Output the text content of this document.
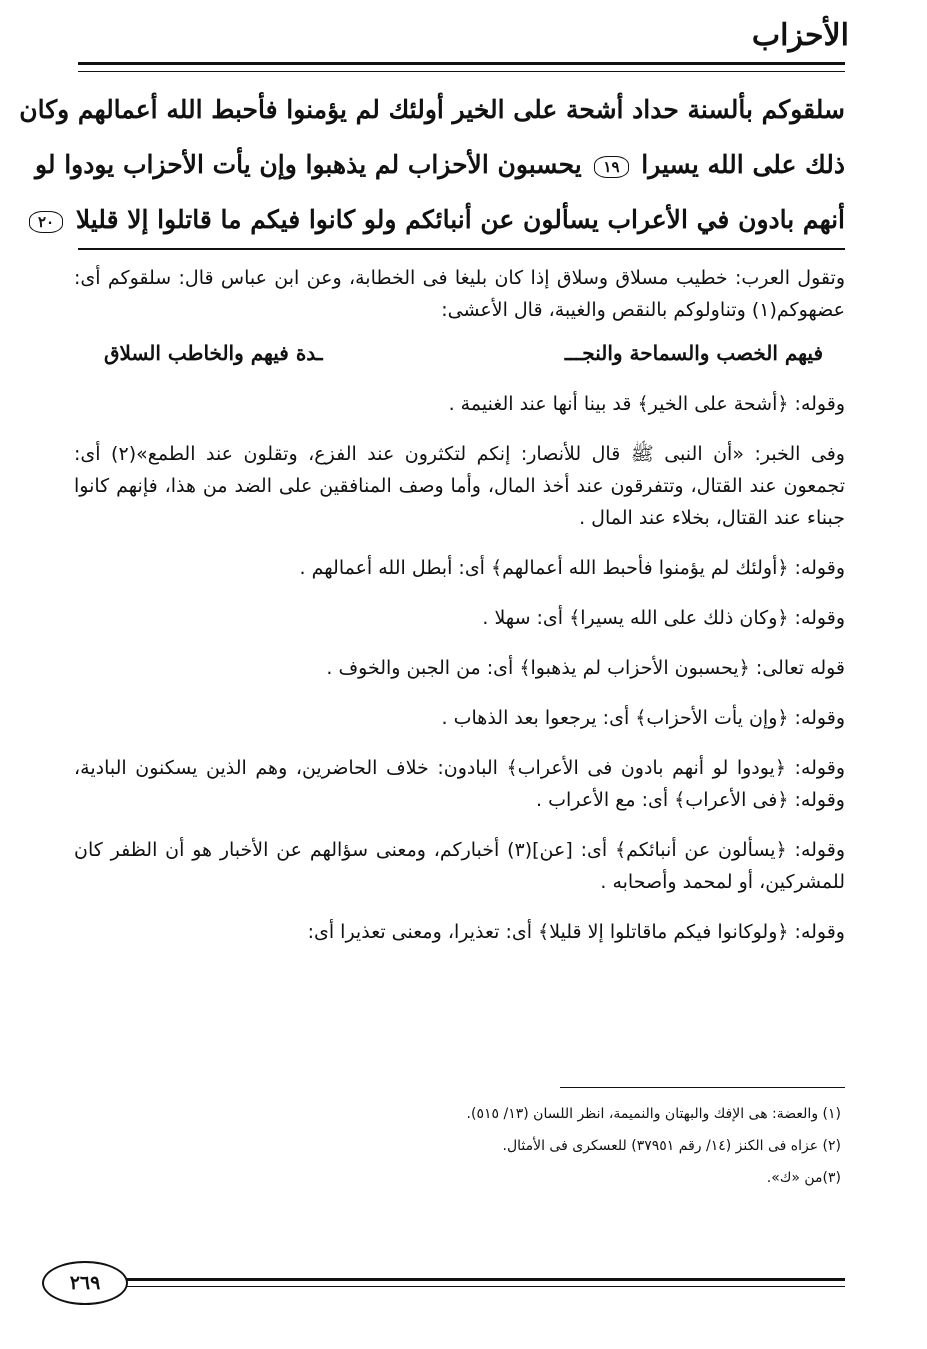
الأحزاب
سلقوكم بألسنة حداد أشحة على الخير أولئك لم يؤمنوا فأحبط الله أعمالهم وكان
ذلك على الله يسيرا ١٩ يحسبون الأحزاب لم يذهبوا وإن يأت الأحزاب يودوا لو
أنهم بادون في الأعراب يسألون عن أنبائكم ولو كانوا فيكم ما قاتلوا إلا قليلا ٢٠
وتقول العرب: خطيب مسلاق وسلاق إذا كان بليغا فى الخطابة، وعن ابن عباس قال: سلقوكم أى: عضهوكم(١) وتناولوكم بالنقص والغيبة، قال الأعشى:
فيهم الخصب والسماحة والنجـــ
ـدة فيهم والخاطب السلاق
وقوله: ﴿أشحة على الخير﴾ قد بينا أنها عند الغنيمة .
وفى الخبر: «أن النبى ﷺ قال للأنصار: إنكم لتكثرون عند الفزع، وتقلون عند الطمع»(٢) أى: تجمعون عند القتال، وتتفرقون عند أخذ المال، وأما وصف المنافقين على الضد من هذا، فإنهم كانوا جبناء عند القتال، بخلاء عند المال .
وقوله: ﴿أولئك لم يؤمنوا فأحبط الله أعمالهم﴾ أى: أبطل الله أعمالهم .
وقوله: ﴿وكان ذلك على الله يسيرا﴾ أى: سهلا .
قوله تعالى: ﴿يحسبون الأحزاب لم يذهبوا﴾ أى: من الجبن والخوف .
وقوله: ﴿وإن يأت الأحزاب﴾ أى: يرجعوا بعد الذهاب .
وقوله: ﴿يودوا لو أنهم بادون فى الأعراب﴾ البادون: خلاف الحاضرين، وهم الذين يسكنون البادية، وقوله: ﴿فى الأعراب﴾ أى: مع الأعراب .
وقوله: ﴿يسألون عن أنبائكم﴾ أى: [عن](٣) أخباركم، ومعنى سؤالهم عن الأخبار هو أن الظفر كان للمشركين، أو لمحمد وأصحابه .
وقوله: ﴿ولوكانوا فيكم ماقاتلوا إلا قليلا﴾ أى: تعذيرا، ومعنى تعذيرا أى:
(١) والعضة: هى الإفك والبهتان والنميمة، انظر اللسان (١٣/ ٥١٥).
(٢) عزاه فى الكنز (١٤/ رقم ٣٧٩٥١) للعسكرى فى الأمثال.
(٣)من «ك».
٢٦٩
